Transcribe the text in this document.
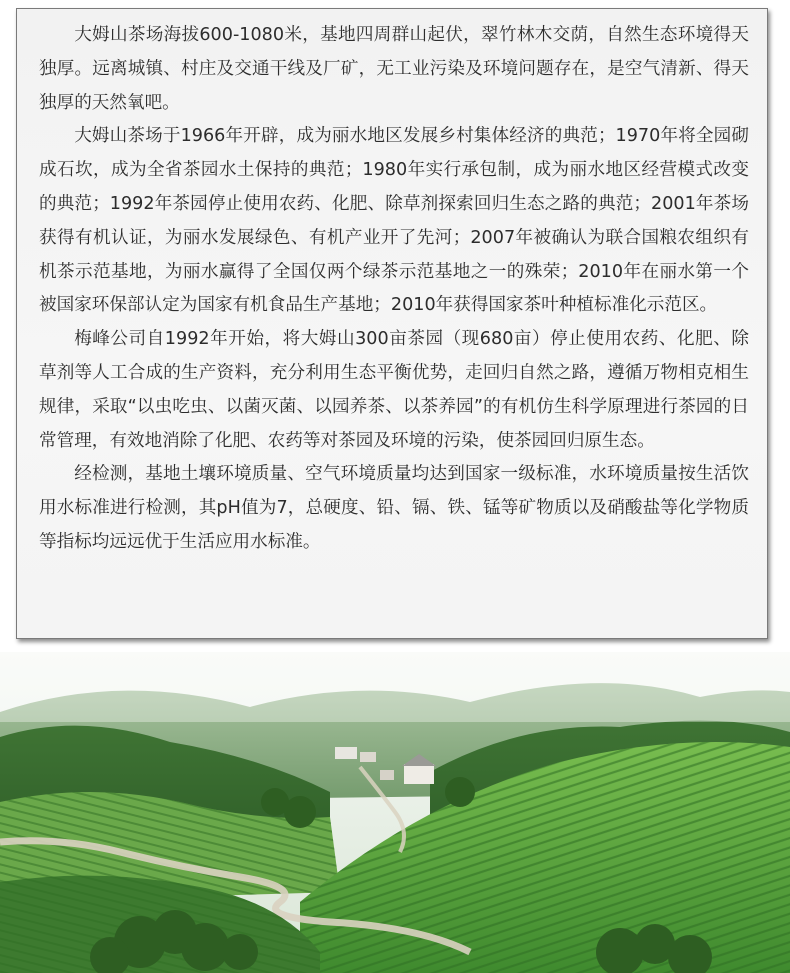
大姆山茶场海拔600-1080米，基地四周群山起伏，翠竹林木交荫，自然生态环境得天独厚。远离城镇、村庄及交通干线及厂矿，无工业污染及环境问题存在，是空气清新、得天独厚的天然氧吧。

大姆山茶场于1966年开辟，成为丽水地区发展乡村集体经济的典范；1970年将全园砌成石坎，成为全省茶园水土保持的典范；1980年实行承包制，成为丽水地区经营模式改变的典范；1992年茶园停止使用农药、化肥、除草剂探索回归生态之路的典范；2001年茶场获得有机认证，为丽水发展绿色、有机产业开了先河；2007年被确认为联合国粮农组织有机茶示范基地，为丽水赢得了全国仅两个绿茶示范基地之一的殊荣；2010年在丽水第一个被国家环保部认定为国家有机食品生产基地；2010年获得国家茶叶种植标准化示范区。

梅峰公司自1992年开始，将大姆山300亩茶园（现680亩）停止使用农药、化肥、除草剂等人工合成的生产资料，充分利用生态平衡优势，走回归自然之路，遵循万物相克相生规律，采取“以虫吃虫、以菌灭菌、以园养茶、以茶养园”的有机仿生科学原理进行茶园的日常管理，有效地消除了化肥、农药等对茶园及环境的污染，使茶园回归原生态。

经检测，基地土壤环境质量、空气环境质量均达到国家一级标准，水环境质量按生活饮用水标准进行检测，其pH值为7，总硬度、铅、镉、铁、锰等矿物质以及硝酸盐等化学物质等指标均远远优于生活应用水标准。
